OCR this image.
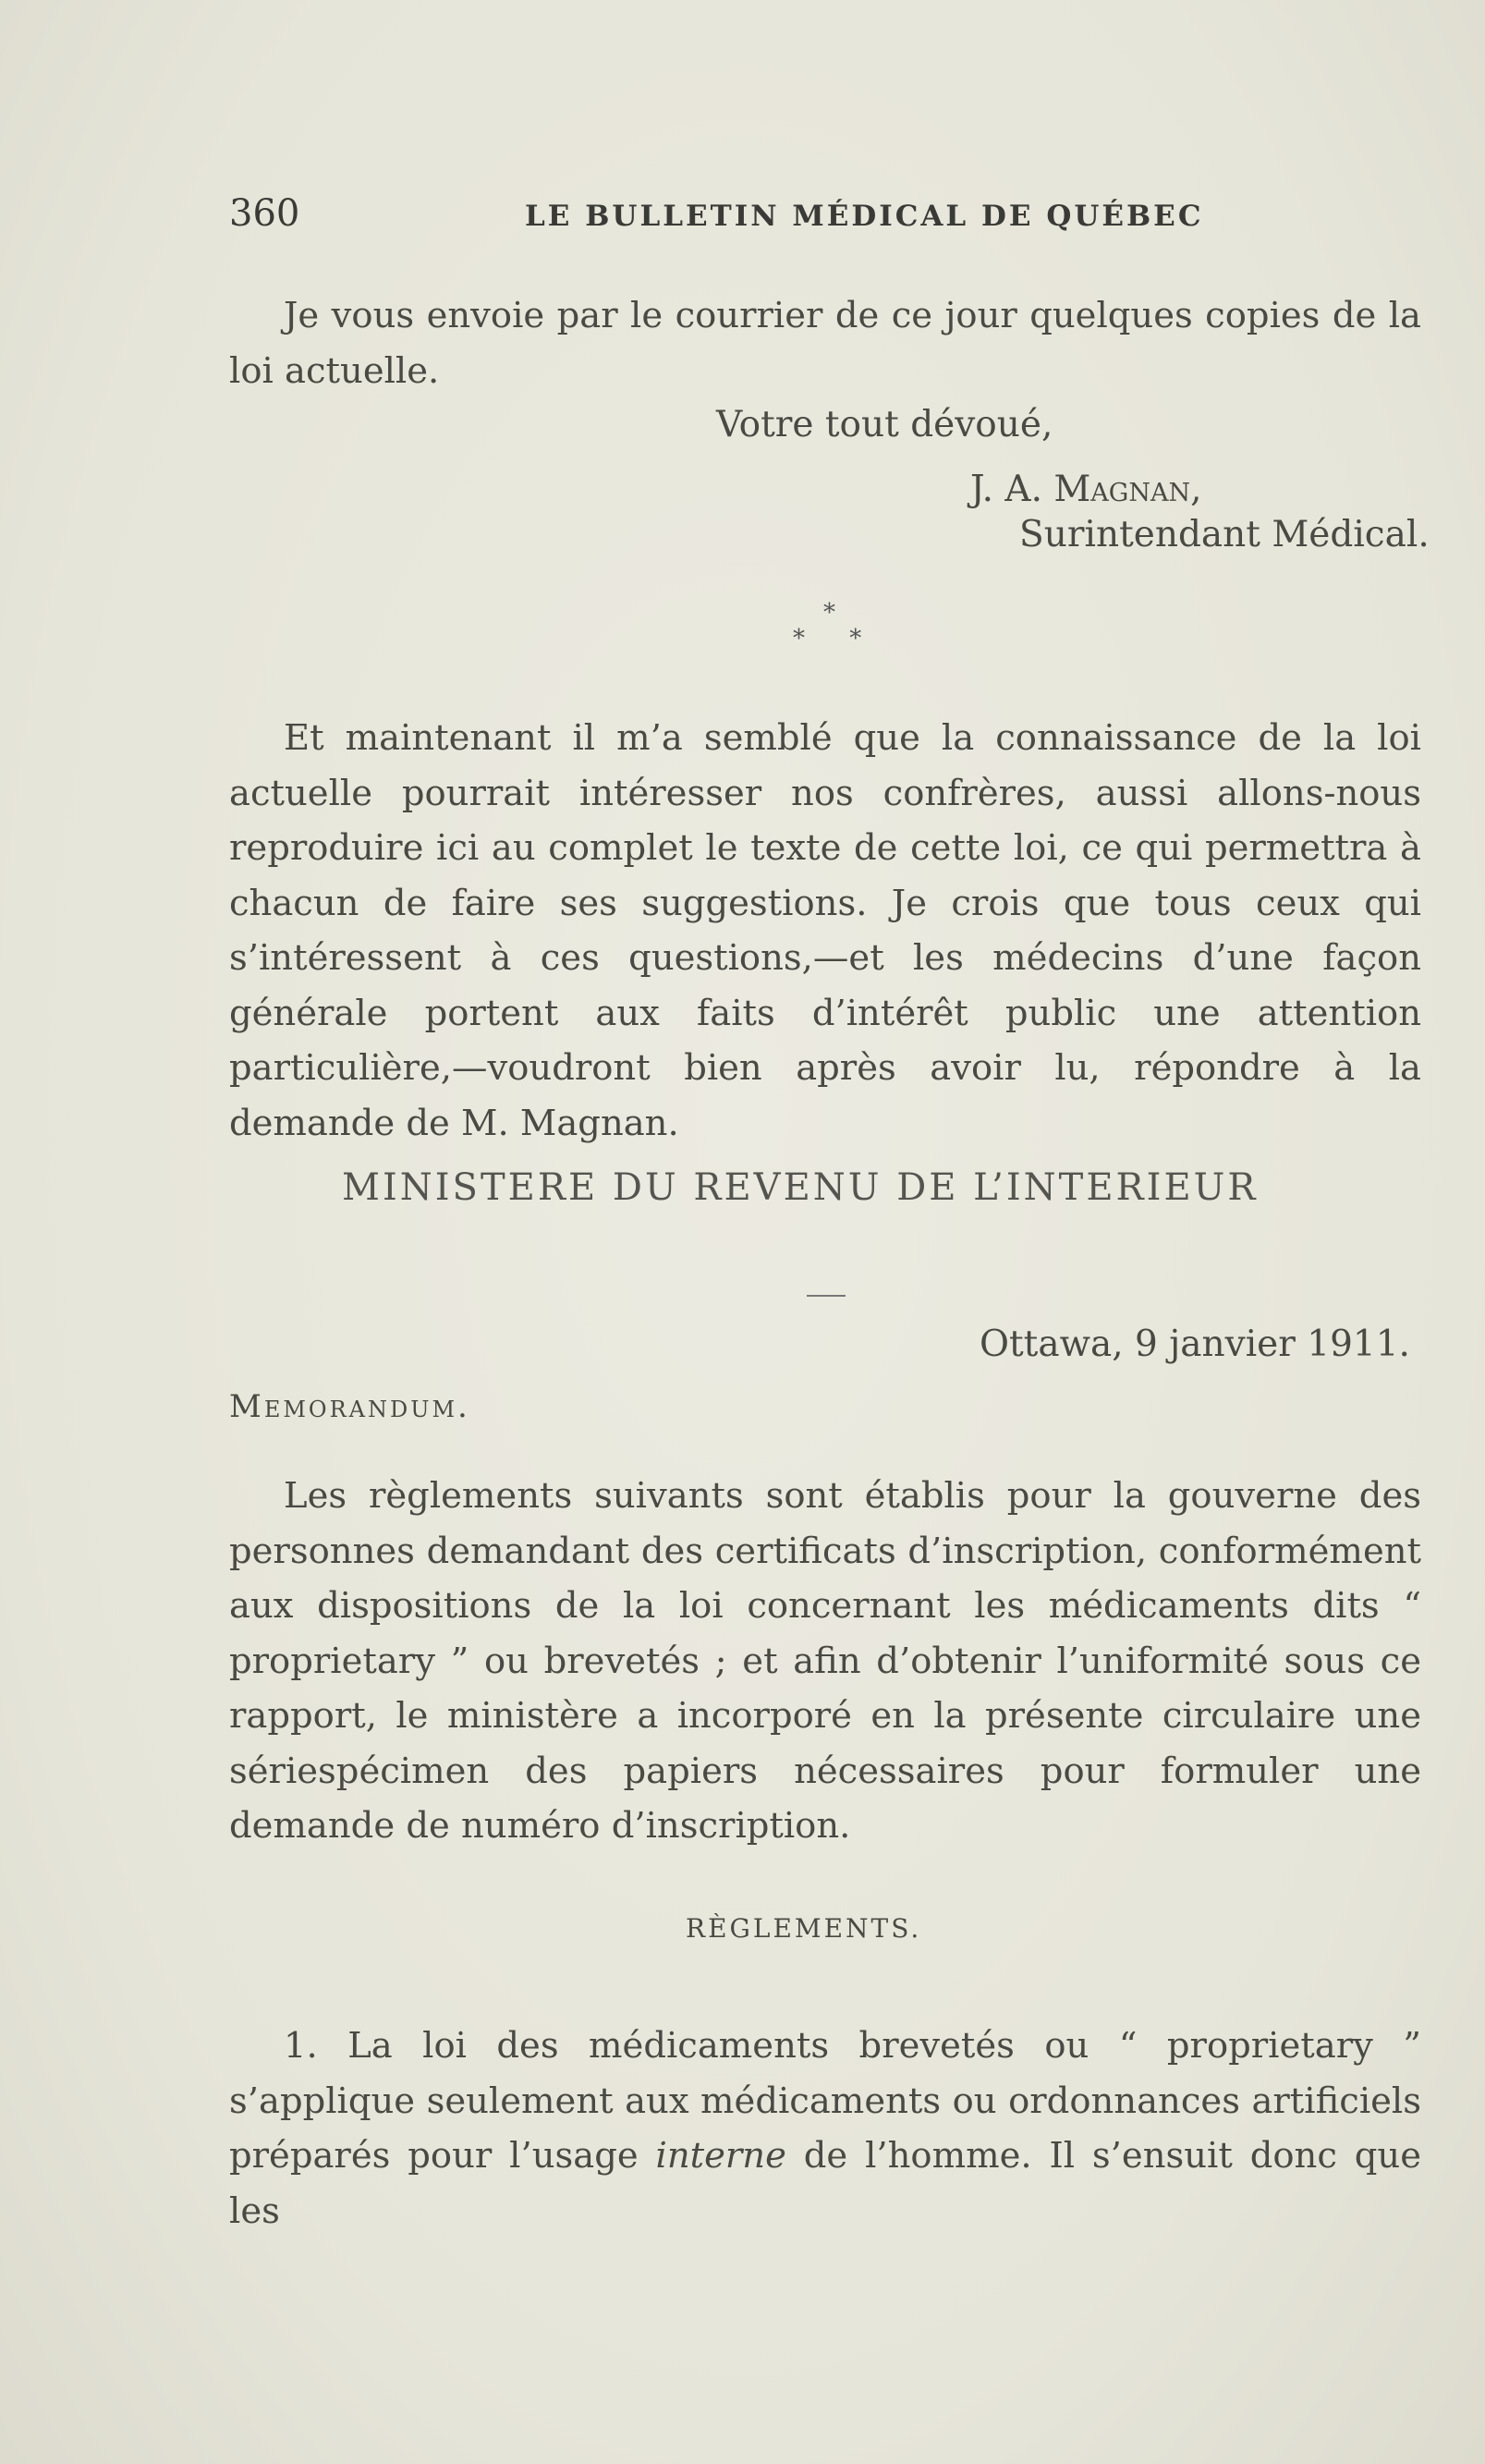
360	LE BULLETIN MÉDICAL DE QUÉBEC

Je vous envoie par le courrier de ce jour quelques copies de la loi actuelle.

Votre tout dévoué,
J. A. Magnan,
Surintendant Médical.
*
* *

Et maintenant il m’a semblé que la connaissance de la loi actuelle pourrait intéresser nos confrères, aussi allons-nous reproduire ici au complet le texte de cette loi, ce qui permettra à chacun de faire ses suggestions. Je crois que tous ceux qui s’intéressent à ces questions,—et les médecins d’une façon générale portent aux faits d’intérêt public une attention particulière,—voudront bien après avoir lu, répondre à la demande de M. Magnan.

MINISTERE DU REVENU DE L’INTERIEUR
Ottawa, 9 janvier 1911.
Memorandum.

Les règlements suivants sont établis pour la gouverne des personnes demandant des certificats d’inscription, conformément aux dispositions de la loi concernant les médicaments dits “ proprietary ” ou brevetés ; et afin d’obtenir l’uniformité sous ce rapport, le ministère a incorporé en la présente circulaire une sériespécimen des papiers nécessaires pour formuler une demande de numéro d’inscription.

RÈGLEMENTS.

1. La loi des médicaments brevetés ou “ proprietary ” s’applique seulement aux médicaments ou ordonnances artificiels préparés pour l’usage interne de l’homme. Il s’ensuit donc que les
